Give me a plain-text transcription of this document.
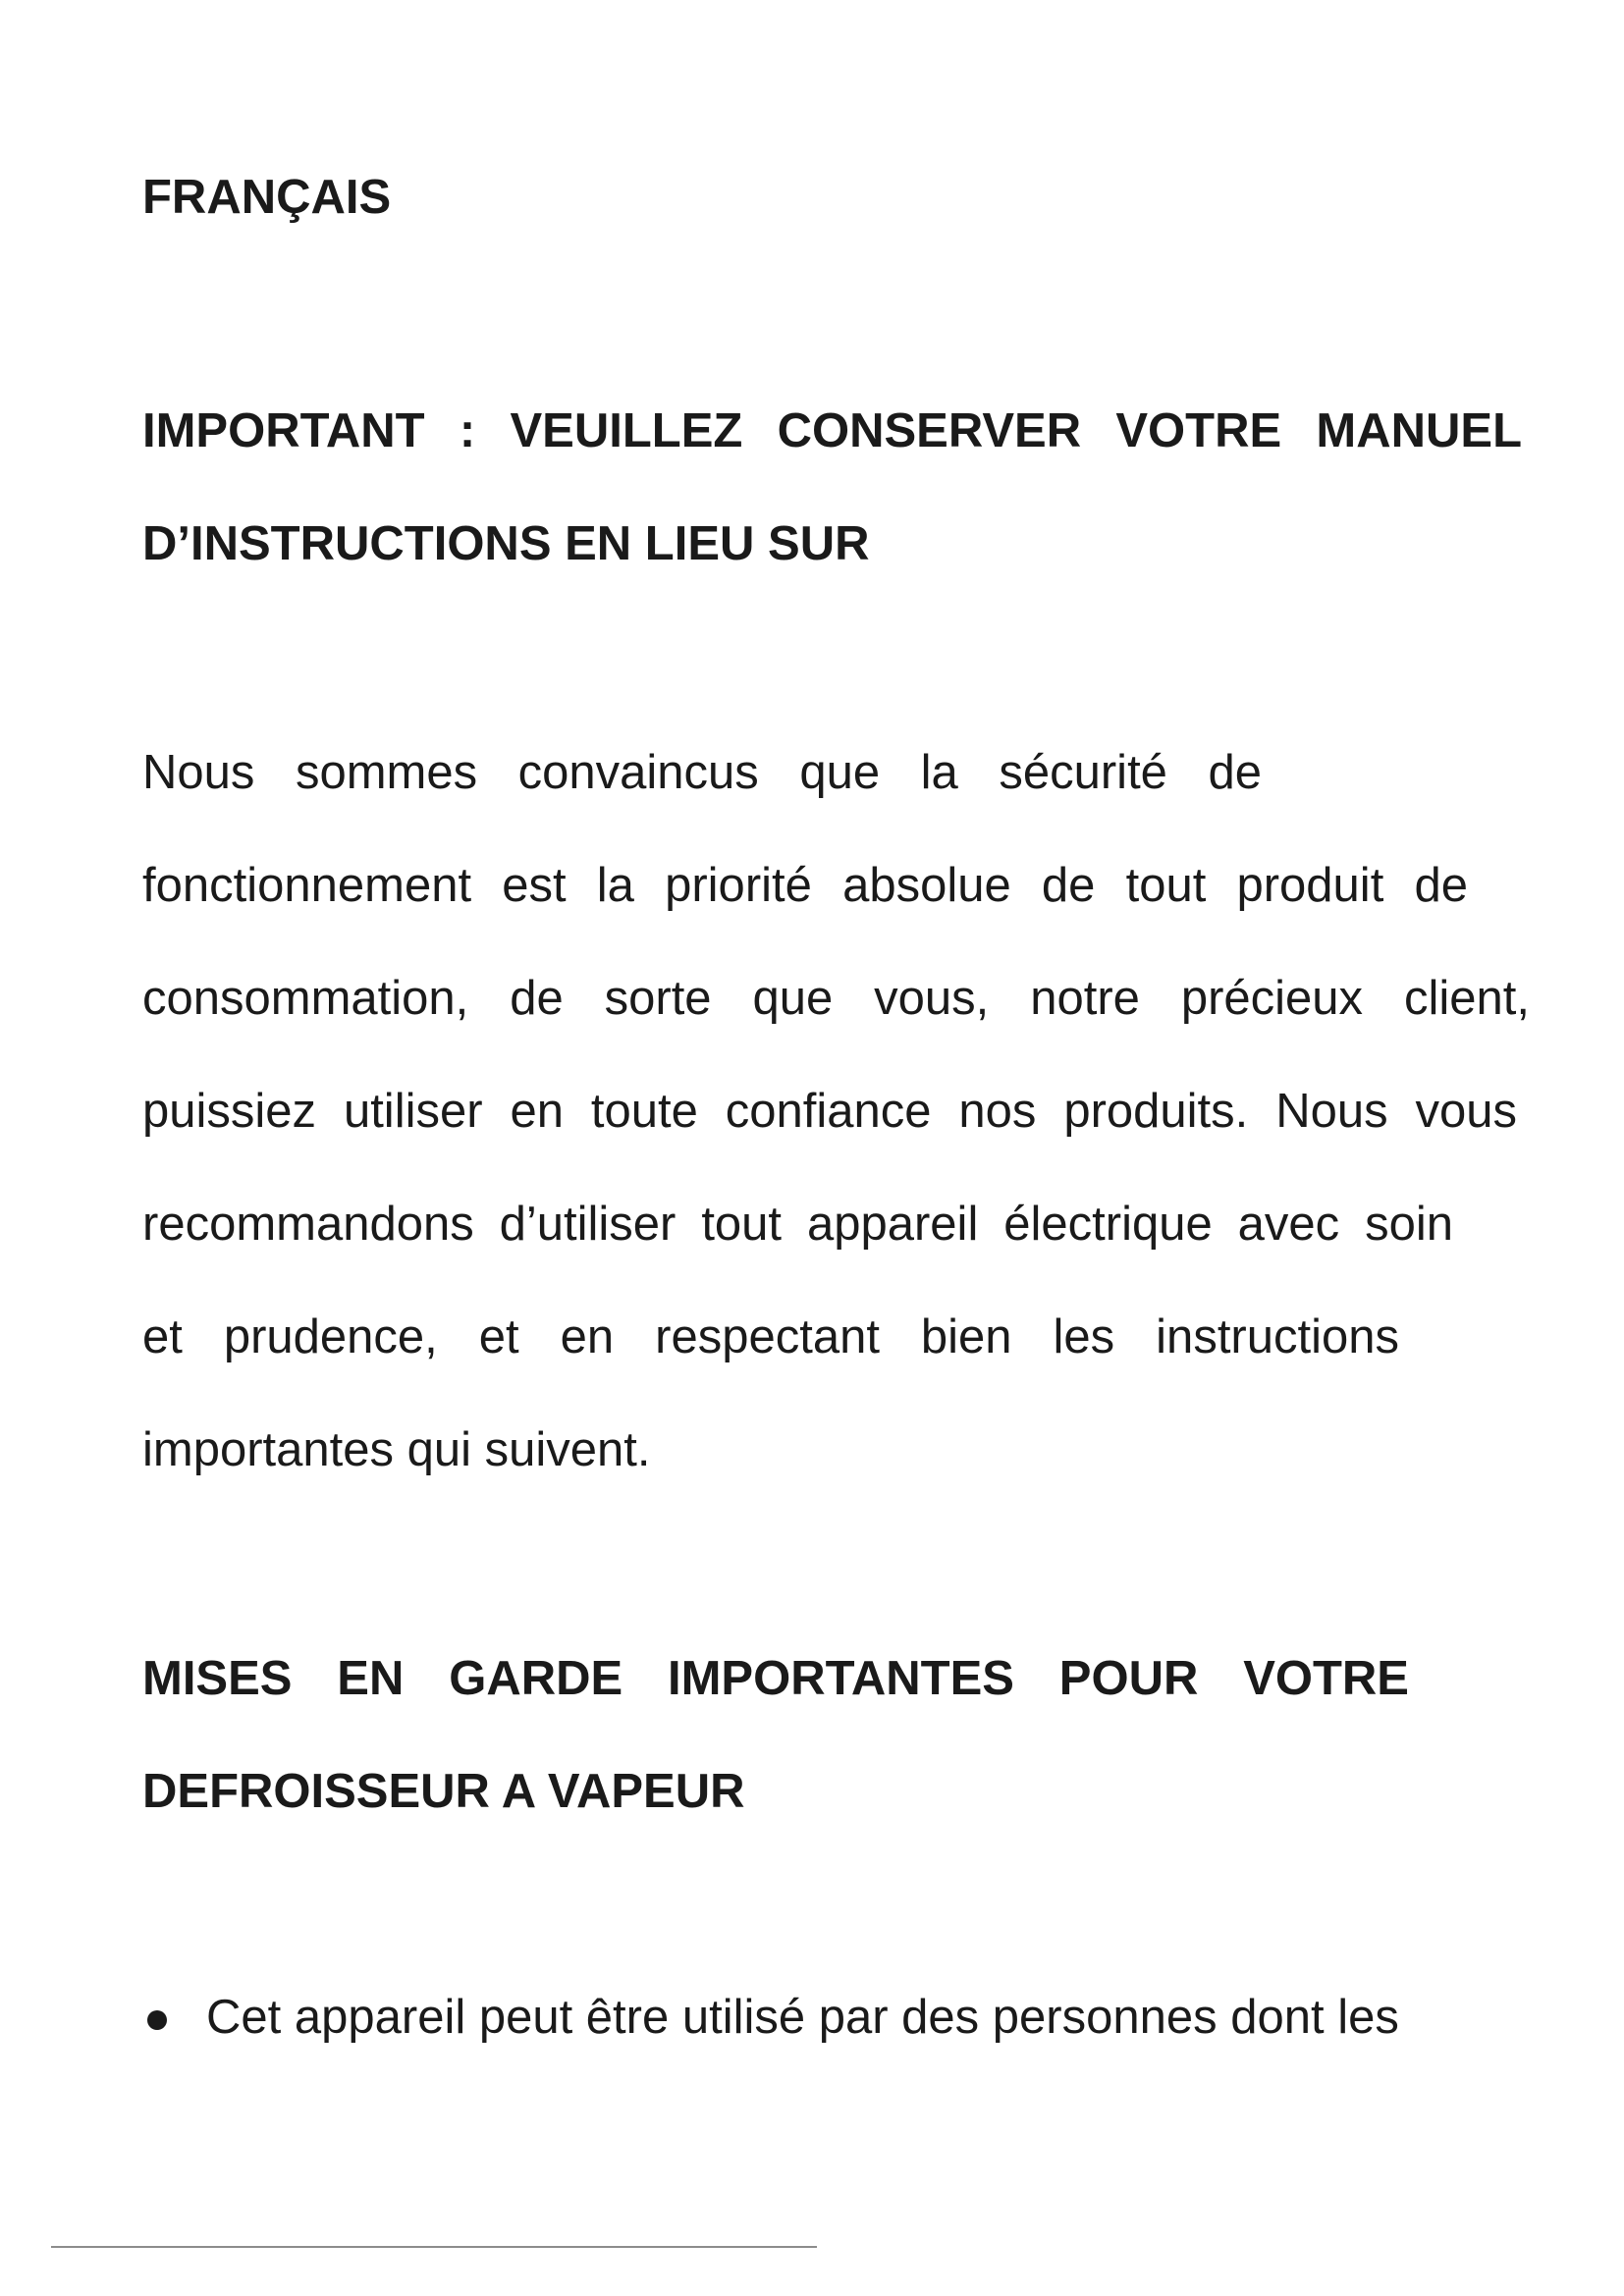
FRANÇAIS
IMPORTANT : VEUILLEZ CONSERVER VOTRE MANUEL
D’INSTRUCTIONS EN LIEU SUR

Nous sommes convaincus que la sécurité de

fonctionnement est la priorité absolue de tout produit de

consommation, de sorte que vous, notre précieux client,

puissiez utiliser en toute confiance nos produits. Nous vous

recommandons d’utiliser tout appareil électrique avec soin

et prudence, et en respectant bien les instructions

importantes qui suivent.

MISES EN GARDE IMPORTANTES POUR VOTRE
DEFROISSEUR A VAPEUR
Cet appareil peut être utilisé par des personnes dont les
